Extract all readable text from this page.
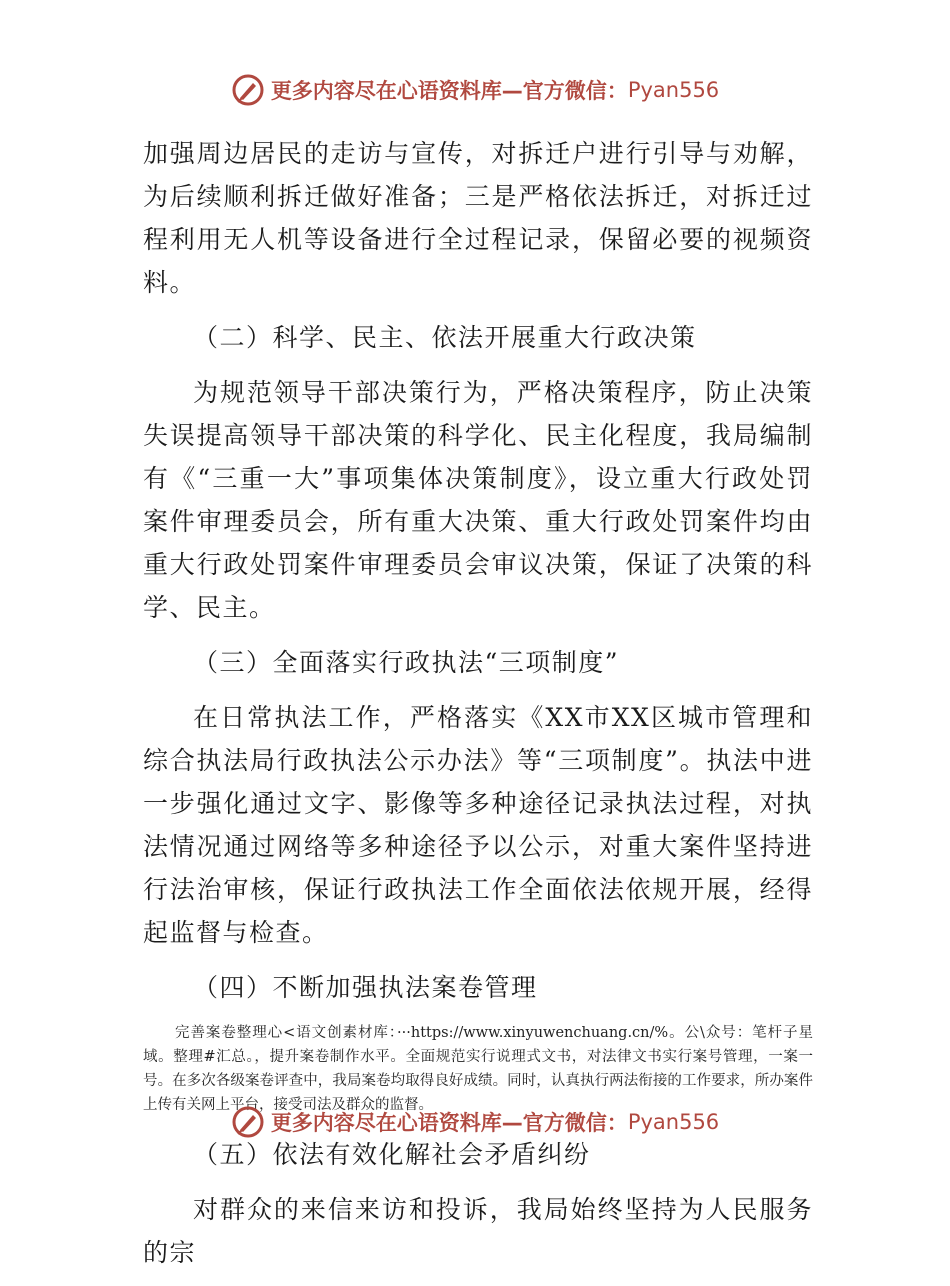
更多内容尽在心语资料库—官方微信： Pyan556

加强周边居民的走访与宣传，对拆迁户进行引导与劝解，为后续顺利拆迁做好准备；三是严格依法拆迁，对拆迁过程利用无人机等设备进行全过程记录，保留必要的视频资料。

（二）科学、民主、依法开展重大行政决策

为规范领导干部决策行为，严格决策程序，防止决策失误提高领导干部决策的科学化、民主化程度，我局编制有《“三重一大”事项集体决策制度》，设立重大行政处罚案件审理委员会，所有重大决策、重大行政处罚案件均由重大行政处罚案件审理委员会审议决策，保证了决策的科学、民主。

（三）全面落实行政执法“三项制度”

在日常执法工作，严格落实《XX市XX区城市管理和综合执法局行政执法公示办法》等“三项制度”。执法中进一步强化通过文字、影像等多种途径记录执法过程，对执法情况通过网络等多种途径予以公示，对重大案件坚持进行法治审核，保证行政执法工作全面依法依规开展，经得起监督与检查。

（四）不断加强执法案卷管理

完善案卷整理心<语文创素材库：···https://www.xinyuwenchuang.cn/%。公\众号：笔杆子星域。整理#汇总。，提升案卷制作水平。全面规范实行说理式文书，对法律文书实行案号管理，一案一号。在多次各级案卷评查中，我局案卷均取得良好成绩。同时，认真执行两法衔接的工作要求，所办案件上传有关网上平台，接受司法及群众的监督。

（五）依法有效化解社会矛盾纠纷

对群众的来信来访和投诉，我局始终坚持为人民服务的宗

更多内容尽在心语资料库—官方微信： Pyan556
